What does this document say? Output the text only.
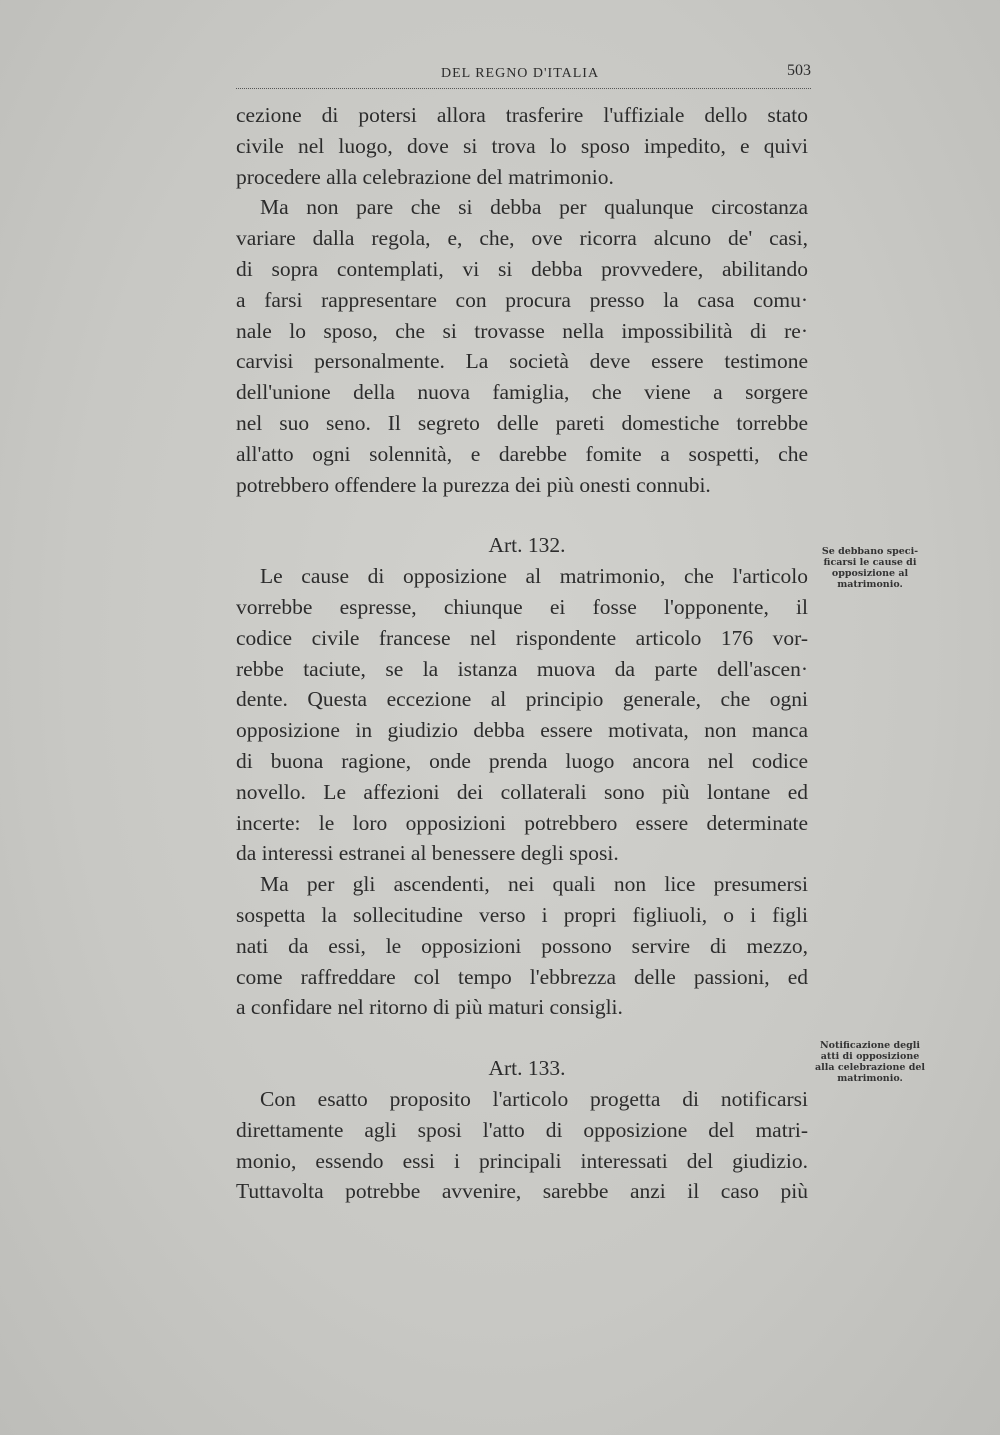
DEL REGNO D'ITALIA	503
cezione di potersi allora trasferire l'uffiziale dello stato
civile nel luogo, dove si trova lo sposo impedito, e quivi
procedere alla celebrazione del matrimonio.
Ma non pare che si debba per qualunque circostanza
variare dalla regola, e, che, ove ricorra alcuno de' casi,
di sopra contemplati, vi si debba provvedere, abilitando
a farsi rappresentare con procura presso la casa comu·
nale lo sposo, che si trovasse nella impossibilità di re·
carvisi personalmente. La società deve essere testimone
dell'unione della nuova famiglia, che viene a sorgere
nel suo seno. Il segreto delle pareti domestiche torrebbe
all'atto ogni solennità, e darebbe fomite a sospetti, che
potrebbero offendere la purezza dei più onesti connubi.
Art. 132.
Le cause di opposizione al matrimonio, che l'articolo
vorrebbe espresse, chiunque ei fosse l'opponente, il
codice civile francese nel rispondente articolo 176 vor-
rebbe taciute, se la istanza muova da parte dell'ascen·
dente. Questa eccezione al principio generale, che ogni
opposizione in giudizio debba essere motivata, non manca
di buona ragione, onde prenda luogo ancora nel codice
novello. Le affezioni dei collaterali sono più lontane ed
incerte: le loro opposizioni potrebbero essere determinate
da interessi estranei al benessere degli sposi.
Ma per gli ascendenti, nei quali non lice presumersi
sospetta la sollecitudine verso i propri figliuoli, o i figli
nati da essi, le opposizioni possono servire di mezzo,
come raffreddare col tempo l'ebbrezza delle passioni, ed
a confidare nel ritorno di più maturi consigli.
Art. 133.
Con esatto proposito l'articolo progetta di notificarsi
direttamente agli sposi l'atto di opposizione del matri-
monio, essendo essi i principali interessati del giudizio.
Tuttavolta potrebbe avvenire, sarebbe anzi il caso più
Se debbano speci-ficarsi le cause di opposizione al matrimonio.
Notificazione degli atti di opposizione alla celebrazione del matrimonio.
